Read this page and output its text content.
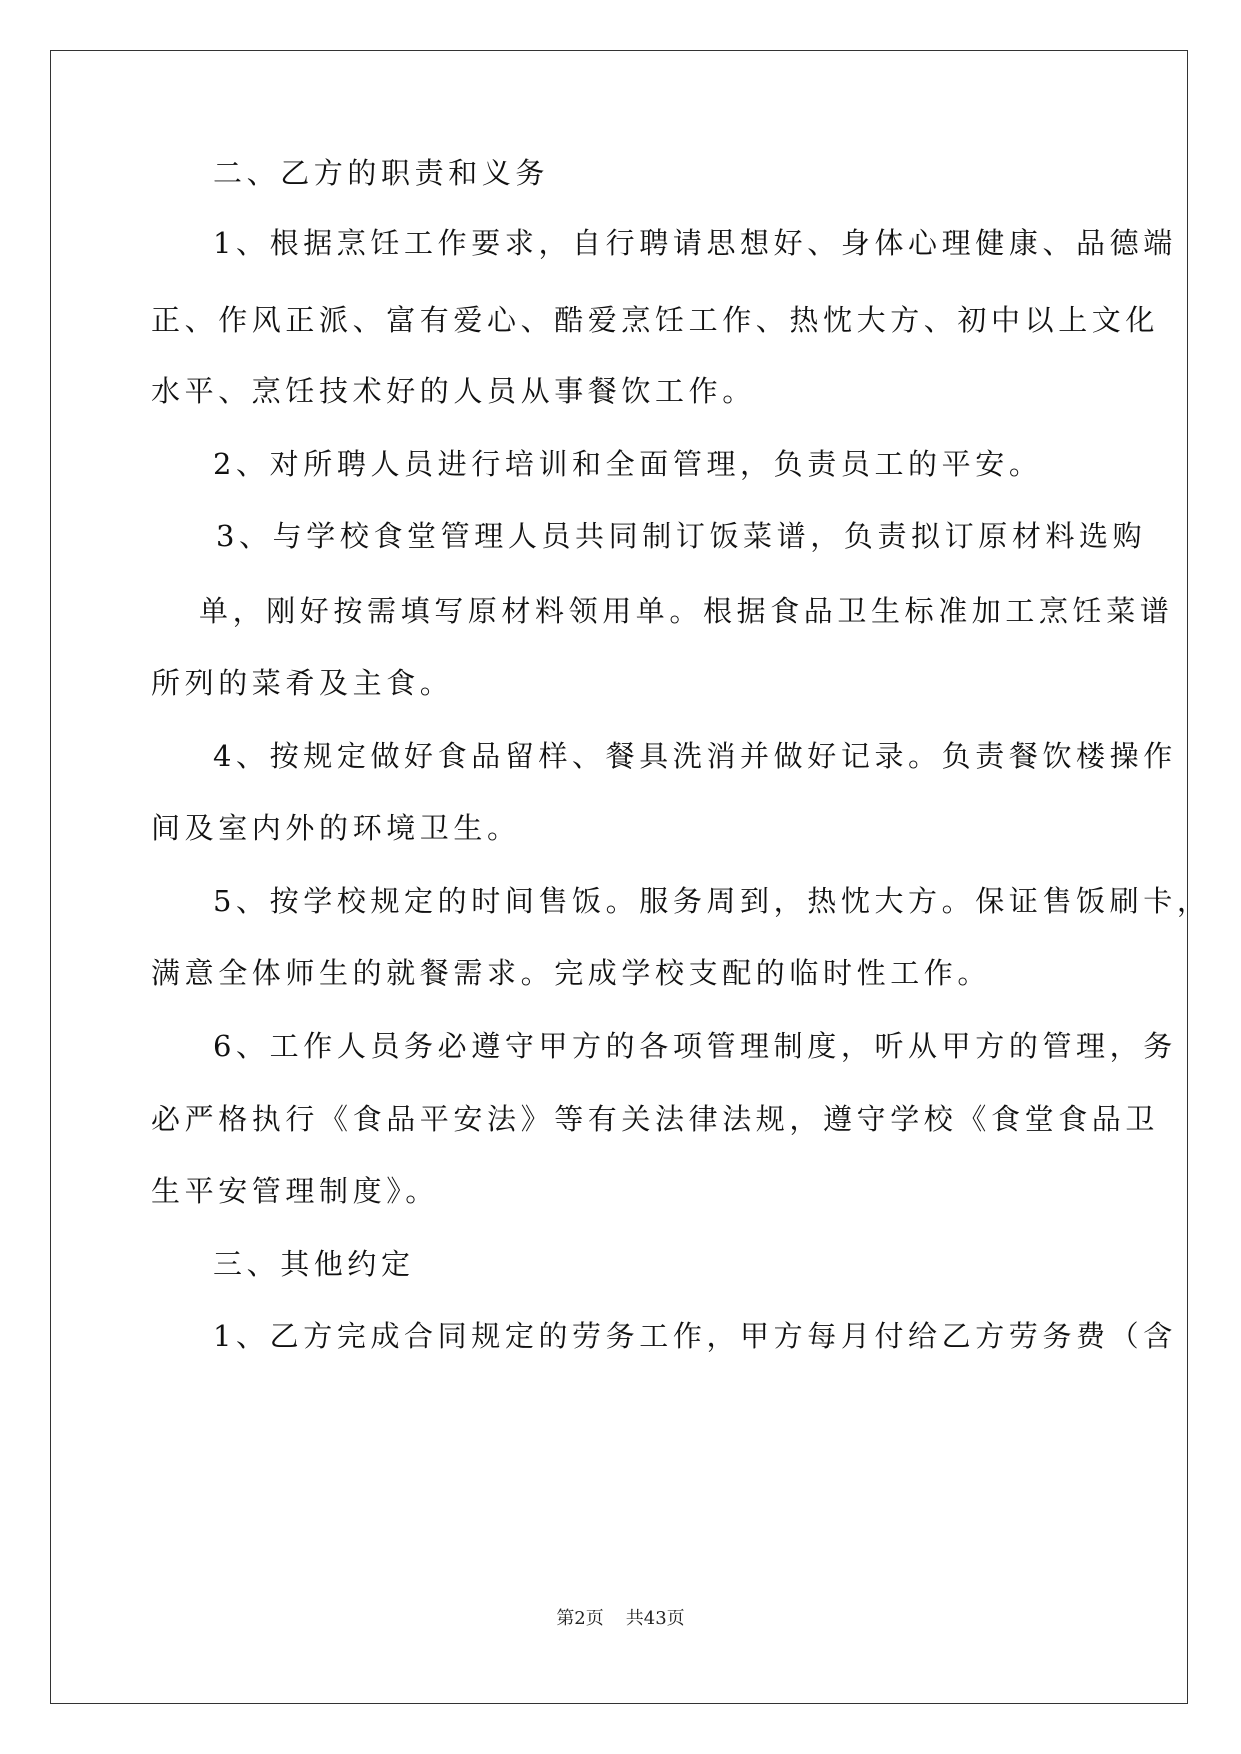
二、乙方的职责和义务
1、根据烹饪工作要求，自行聘请思想好、身体心理健康、品德端
正、作风正派、富有爱心、酷爱烹饪工作、热忱大方、初中以上文化
水平、烹饪技术好的人员从事餐饮工作。
2、对所聘人员进行培训和全面管理，负责员工的平安。
3、与学校食堂管理人员共同制订饭菜谱，负责拟订原材料选购
单，刚好按需填写原材料领用单。根据食品卫生标准加工烹饪菜谱
所列的菜肴及主食。
4、按规定做好食品留样、餐具洗消并做好记录。负责餐饮楼操作
间及室内外的环境卫生。
5、按学校规定的时间售饭。服务周到，热忱大方。保证售饭刷卡，
满意全体师生的就餐需求。完成学校支配的临时性工作。
6、工作人员务必遵守甲方的各项管理制度，听从甲方的管理，务
必严格执行《食品平安法》等有关法律法规，遵守学校《食堂食品卫
生平安管理制度》。
三、其他约定
1、乙方完成合同规定的劳务工作，甲方每月付给乙方劳务费（含
第2页 共43页
